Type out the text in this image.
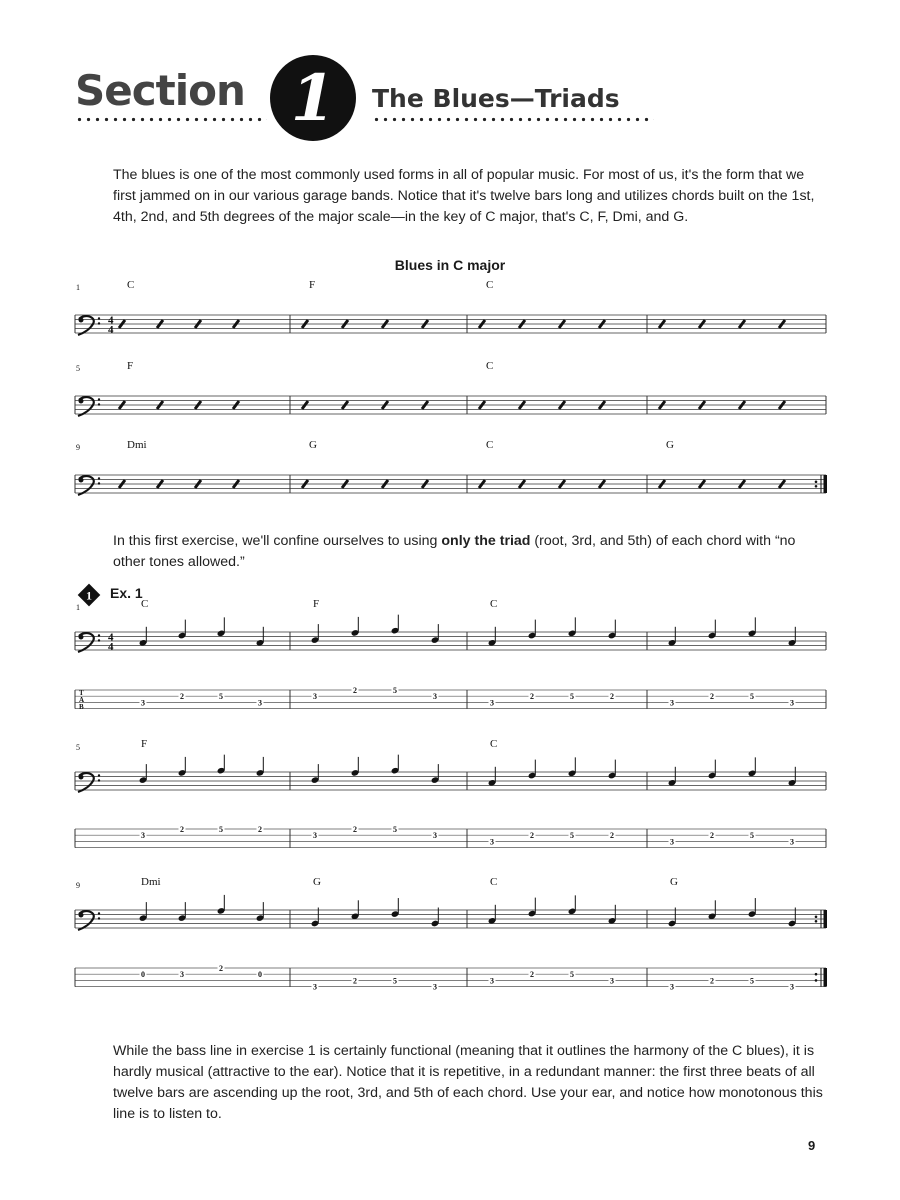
Section 1 The Blues—Triads
The blues is one of the most commonly used forms in all of popular music. For most of us, it's the form that we first jammed on in our various garage bands. Notice that it's twelve bars long and utilizes chords built on the 1st, 4th, 2nd, and 5th degrees of the major scale—in the key of C major, that's C, F, Dmi, and G.
Blues in C major
4
4
1	C	F	C
5	F	C
9	Dmi	G	C	G
In this first exercise, we'll confine ourselves to using only the triad (root, 3rd, and 5th) of each chord with “no other tones allowed.”
1 Ex. 1
4
4
T
A
B
1	C
3
2	5
3
F
3
2	5
3
C
3
2	5	2
3
2	5
3
5	F
3
2	5	2
3
2	5
3
C
3
2	5	2
3
2	5
3
9	Dmi
0	3
2
0
G
3
2	5
3
C
3
2	5
3
G
3
2	5
3
While the bass line in exercise 1 is certainly functional (meaning that it outlines the harmony of the C blues), it is hardly musical (attractive to the ear). Notice that it is repetitive, in a redundant manner: the first three beats of all twelve bars are ascending up the root, 3rd, and 5th of each chord. Use your ear, and notice how monotonous this line is to listen to.
9
